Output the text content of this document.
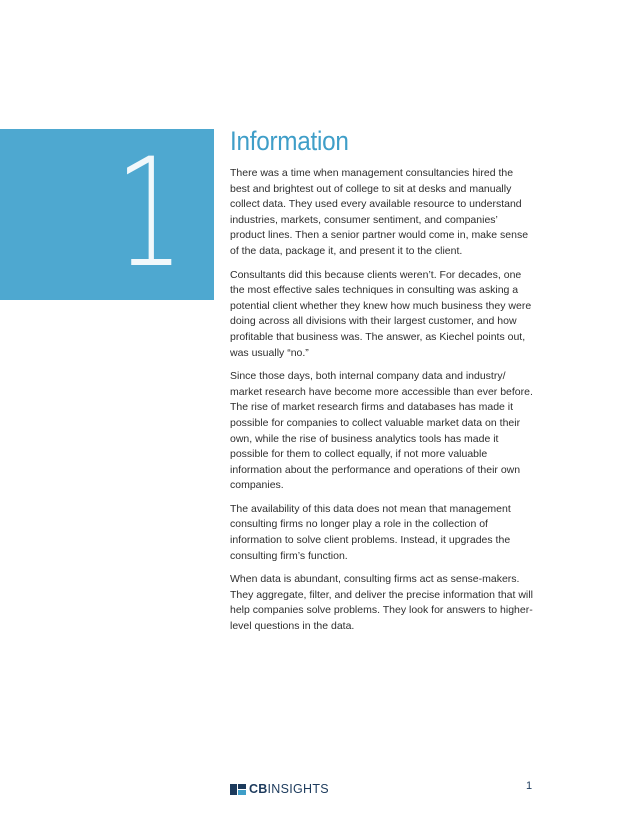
1 Information

There was a time when management consultancies hired the best and brightest out of college to sit at desks and manually collect data. They used every available resource to understand industries, markets, consumer sentiment, and companies’ product lines. Then a senior partner would come in, make sense of the data, package it, and present it to the client.

Consultants did this because clients weren’t. For decades, one the most effective sales techniques in consulting was asking a potential client whether they knew how much business they were doing across all divisions with their largest customer, and how profitable that business was. The answer, as Kiechel points out, was usually “no.”

Since those days, both internal company data and industry/ market research have become more accessible than ever before. The rise of market research firms and databases has made it possible for companies to collect valuable market data on their own, while the rise of business analytics tools has made it possible for them to collect equally, if not more valuable information about the performance and operations of their own companies.

The availability of this data does not mean that management consulting firms no longer play a role in the collection of information to solve client problems. Instead, it upgrades the consulting firm’s function.

When data is abundant, consulting firms act as sense-makers. They aggregate, filter, and deliver the precise information that will help companies solve problems. They look for answers to higher-level questions in the data.

CB INSIGHTS	1
